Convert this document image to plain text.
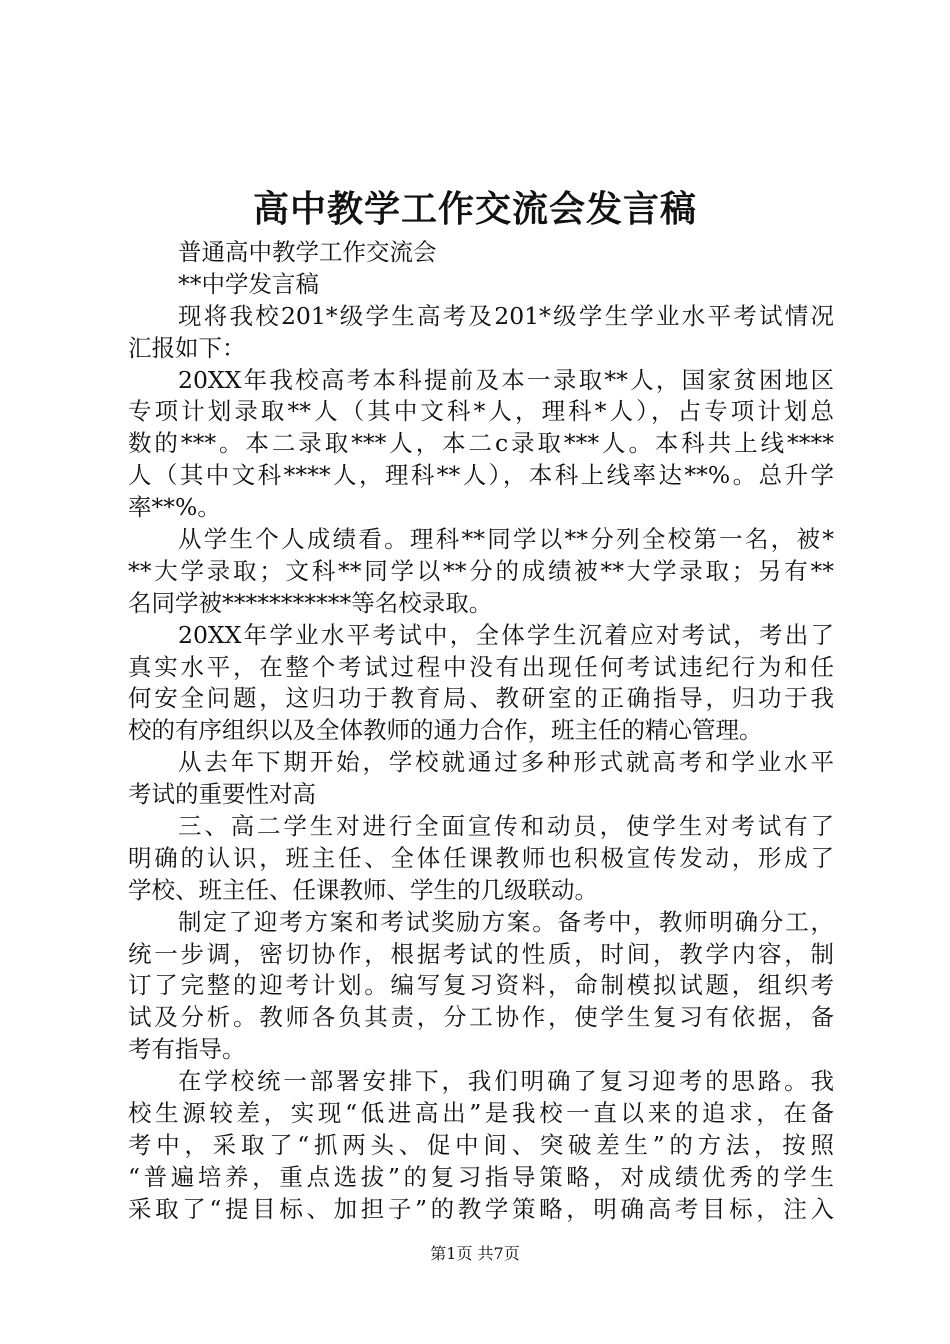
高中教学工作交流会发言稿
普通高中教学工作交流会
**中学发言稿
现将我校201*级学生高考及201*级学生学业水平考试情况
汇报如下：
20XX年我校高考本科提前及本一录取**人，国家贫困地区
专项计划录取**人（其中文科*人，理科*人），占专项计划总
数的***。本二录取***人，本二c录取***人。本科共上线****
人（其中文科****人，理科**人），本科上线率达**%。总升学
率**%。
从学生个人成绩看。理科**同学以**分列全校第一名，被*
**大学录取；文科**同学以**分的成绩被**大学录取；另有**
名同学被***********等名校录取。
20XX年学业水平考试中，全体学生沉着应对考试，考出了
真实水平，在整个考试过程中没有出现任何考试违纪行为和任
何安全问题，这归功于教育局、教研室的正确指导，归功于我
校的有序组织以及全体教师的通力合作，班主任的精心管理。
从去年下期开始，学校就通过多种形式就高考和学业水平
考试的重要性对高
三、高二学生对进行全面宣传和动员，使学生对考试有了
明确的认识，班主任、全体任课教师也积极宣传发动，形成了
学校、班主任、任课教师、学生的几级联动。
制定了迎考方案和考试奖励方案。备考中，教师明确分工，
统一步调，密切协作，根据考试的性质，时间，教学内容，制
订了完整的迎考计划。编写复习资料，命制模拟试题，组织考
试及分析。教师各负其责，分工协作，使学生复习有依据，备
考有指导。
在学校统一部署安排下，我们明确了复习迎考的思路。我
校生源较差，实现“低进高出”是我校一直以来的追求，在备
考中，采取了“抓两头、促中间、突破差生”的方法，按照
“普遍培养，重点选拔”的复习指导策略，对成绩优秀的学生
采取了“提目标、加担子”的教学策略，明确高考目标，注入
第1页 共7页
